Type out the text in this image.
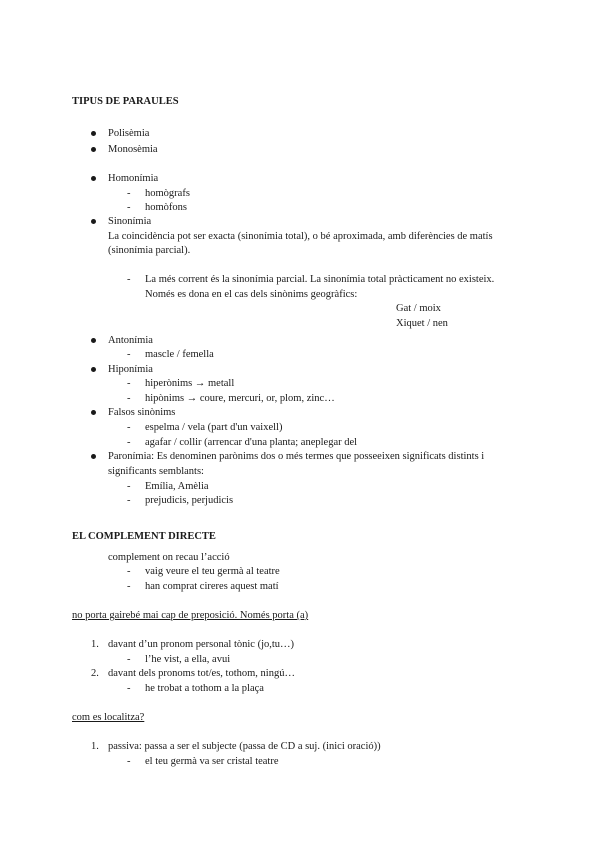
TIPUS DE PARAULES
Polisèmia
Monosèmia
Homonímia
- homògrafs
- homòfons
Sinonímia
La coincidència pot ser exacta (sinonímia total), o bé aproximada, amb diferències de matís
(sinonímia parcial).
- La més corrent és la sinonímia parcial. La sinonímia total pràcticament no existeix.
Només es dona en el cas dels sinònims geogràfics:
Gat / moix
Xiquet / nen
Antonímia
- mascle / femella
Hiponímia
- hiperònims → metall
- hipònims → coure, mercuri, or, plom, zinc…
Falsos sinònims
- espelma / vela (part d'un vaixell)
- agafar / collir (arrencar d'una planta; aneplegar del
Paronímia: Es denominen parònims dos o més termes que posseeixen significats distints i
significants semblants:
- Emília, Amèlia
- prejudicis, perjudicis
EL COMPLEMENT DIRECTE
complement on recau l’acció
- vaig veure el teu germà al teatre
- han comprat cireres aquest matí
no porta gairebé mai cap de preposició. Només porta (a)
1. davant d’un pronom personal tònic (jo,tu…)
- l’he vist, a ella, avui
2. davant dels pronoms tot/es, tothom, ningú…
- he trobat a tothom a la plaça
com es localitza?
1. passiva: passa a ser el subjecte (passa de CD a suj. (inici oració))
- el teu germà va ser cristal teatre
